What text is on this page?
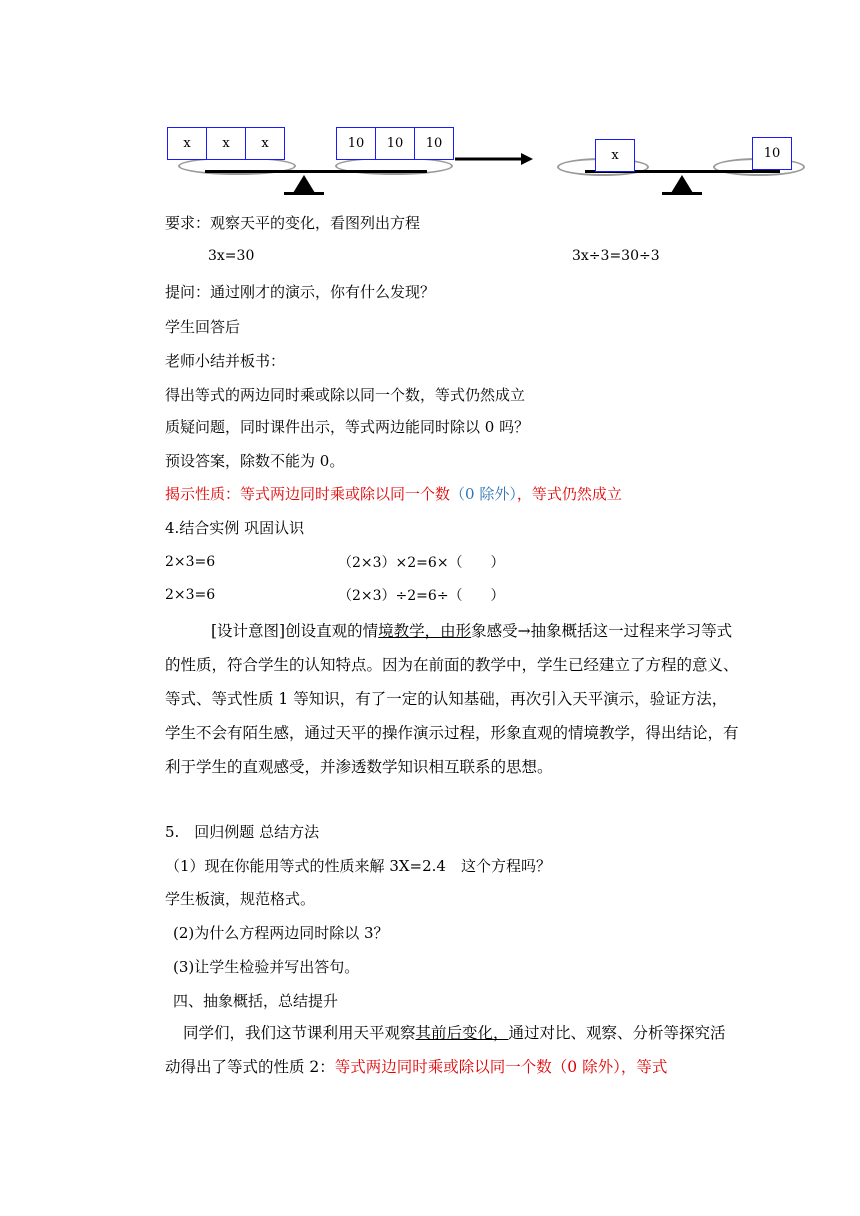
x	x	x	10	10	10
x	10
要求：观察天平的变化，看图列出方程
3x=30	3x÷3=30÷3
提问：通过刚才的演示，你有什么发现？
学生回答后
老师小结并板书：
得出等式的两边同时乘或除以同一个数，等式仍然成立
质疑问题，同时课件出示，等式两边能同时除以 0 吗？
预设答案，除数不能为 0。
揭示性质：等式两边同时乘或除以同一个数（0 除外），等式仍然成立
4.结合实例 巩固认识
2×3=6	（2×3）×2=6×（　　）
2×3=6	（2×3）÷2=6÷（　　）
[设计意图]创设直观的情境教学，由形象感受→抽象概括这一过程来学习等式的性质，符合学生的认知特点。因为在前面的教学中，学生已经建立了方程的意义、等式、等式性质 1 等知识，有了一定的认知基础，再次引入天平演示，验证方法，学生不会有陌生感，通过天平的操作演示过程，形象直观的情境教学，得出结论，有利于学生的直观感受，并渗透数学知识相互联系的思想。
5.　回归例题 总结方法
（1）现在你能用等式的性质来解 3X=2.4　这个方程吗？
学生板演，规范格式。
(2)为什么方程两边同时除以 3？
(3)让学生检验并写出答句。
四、抽象概括，总结提升
同学们，我们这节课利用天平观察其前后变化，通过对比、观察、分析等探究活动得出了等式的性质 2：等式两边同时乘或除以同一个数（0 除外），等式
